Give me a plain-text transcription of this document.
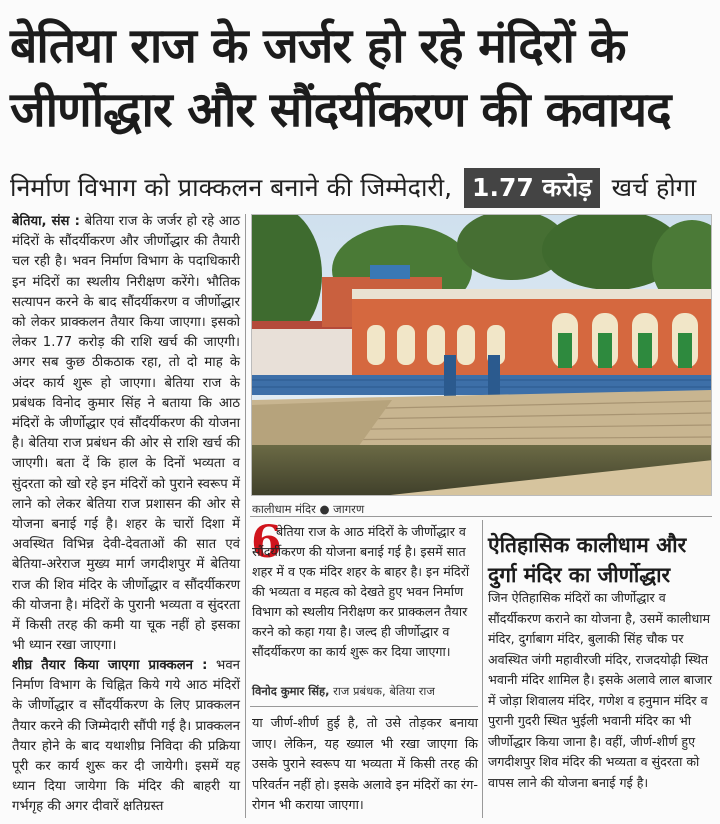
बेतिया राज के जर्जर हो रहे मंदिरों के
जीर्णोद्धार और सौंदर्यीकरण की कवायद
निर्माण विभाग को प्राक्कलन बनाने की जिम्मेदारी, 1.77 करोड़ खर्च होगा

बेतिया, संस : बेतिया राज के जर्जर हो रहे आठ मंदिरों के सौंदर्यीकरण और जीर्णोद्धार की तैयारी चल रही है। भवन निर्माण विभाग के पदाधिकारी इन मंदिरों का स्थलीय निरीक्षण करेंगे। भौतिक सत्यापन करने के बाद सौंदर्यीकरण व जीर्णोद्धार को लेकर प्राक्कलन तैयार किया जाएगा। इसको लेकर 1.77 करोड़ की राशि खर्च की जाएगी। अगर सब कुछ ठीकठाक रहा, तो दो माह के अंदर कार्य शुरू हो जाएगा। बेतिया राज के प्रबंधक विनोद कुमार सिंह ने बताया कि आठ मंदिरों के जीर्णोद्धार एवं सौंदर्यीकरण की योजना है। बेतिया राज प्रबंधन की ओर से राशि खर्च की जाएगी। बता दें कि हाल के दिनों भव्यता व सुंदरता को खो रहे इन मंदिरों को पुराने स्वरूप में लाने को लेकर बेतिया राज प्रशासन की ओर से योजना बनाई गई है। शहर के चारों दिशा में अवस्थित विभिन्न देवी-देवताओं की सात एवं बेतिया-अरेराज मुख्य मार्ग जगदीशपुर में बेतिया राज की शिव मंदिर के जीर्णोद्धार व सौंदर्यीकरण की योजना है। मंदिरों के पुरानी भव्यता व सुंदरता में किसी तरह की कमी या चूक नहीं हो इसका भी ध्यान रखा जाएगा।

शीघ्र तैयार किया जाएगा प्राक्कलन : भवन निर्माण विभाग के चिह्नित किये गये आठ मंदिरों के जीर्णोद्धार व सौंदर्यीकरण के लिए प्राक्कलन तैयार करने की जिम्मेदारी सौंपी गई है। प्राक्कलन तैयार होने के बाद यथाशीघ्र निविदा की प्रक्रिया पूरी कर कार्य शुरू कर दी जायेगी। इसमें यह ध्यान दिया जायेगा कि मंदिर की बाहरी या गर्भगृह की अगर दीवारें क्षतिग्रस्त

कालीधाम मंदिर ● जागरण
6
बेतिया राज के आठ मंदिरों के जीर्णोद्धार व सौंदर्यीकरण की योजना बनाई गई है। इसमें सात शहर में व एक मंदिर शहर के बाहर है। इन मंदिरों की भव्यता व महत्व को देखते हुए भवन निर्माण विभाग को स्थलीय निरीक्षण कर प्राक्कलन तैयार करने को कहा गया है। जल्द ही जीर्णोद्धार व सौंदर्यीकरण का कार्य शुरू कर दिया जाएगा।
विनोद कुमार सिंह, राज प्रबंधक, बेतिया राज

या जीर्ण-शीर्ण हुई है, तो उसे तोड़कर बनाया जाए। लेकिन, यह ख्याल भी रखा जाएगा कि उसके पुराने स्वरूप या भव्यता में किसी तरह की परिवर्तन नहीं हो। इसके अलावे इन मंदिरों का रंग-रोगन भी कराया जाएगा।

ऐतिहासिक कालीधाम और दुर्गा मंदिर का जीर्णोद्धार

जिन ऐतिहासिक मंदिरों का जीर्णोद्धार व सौंदर्यीकरण कराने का योजना है, उसमें कालीधाम मंदिर, दुर्गाबाग मंदिर, बुलाकी सिंह चौक पर अवस्थित जंगी महावीरजी मंदिर, राजदयोढ़ी स्थित भवानी मंदिर शामिल है। इसके अलावे लाल बाजार में जोड़ा शिवालय मंदिर, गणेश व हनुमान मंदिर व पुरानी गुदरी स्थित भुईली भवानी मंदिर का भी जीर्णोद्धार किया जाना है। वहीं, जीर्ण-शीर्ण हुए जगदीशपुर शिव मंदिर की भव्यता व सुंदरता को वापस लाने की योजना बनाई गई है।
